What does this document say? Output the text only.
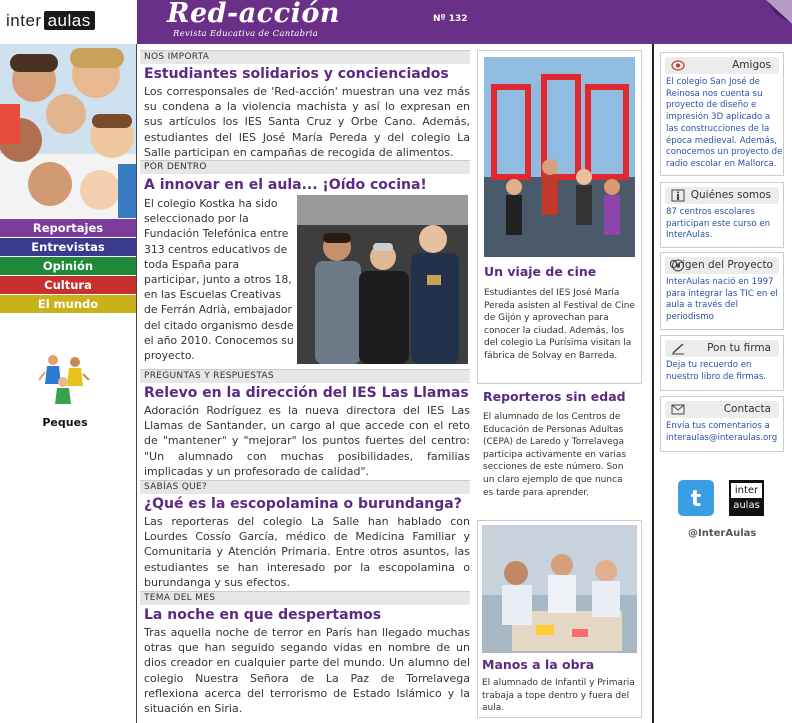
inter aulas	Red-acción
Revista Educativa de Cantabria
Nº 132
Reportajes
Entrevistas
Opinión
Cultura
El mundo
Peques
NOS IMPORTA
Estudiantes solidarios y concienciados
Los corresponsales de 'Red-acción' muestran una vez más su condena a la violencia machista y así lo expresan en sus artículos los IES Santa Cruz y Orbe Cano. Además, estudiantes del IES José María Pereda y del colegio La Salle participan en campañas de recogida de alimentos.
POR DENTRO
A innovar en el aula... ¡Oído cocina!
El colegio Kostka ha sido seleccionado por la Fundación Telefónica entre 313 centros educativos de toda España para participar, junto a otros 18, en las Escuelas Creativas de Ferrán Adrià, embajador del citado organismo desde el año 2010. Conocemos su proyecto.
PREGUNTAS Y RESPUESTAS
Relevo en la dirección del IES Las Llamas
Adoración Rodríguez es la nueva directora del IES Las Llamas de Santander, un cargo al que accede con el reto de "mantener" y "mejorar" los puntos fuertes del centro: "Un alumnado con muchas posibilidades, familias implicadas y un profesorado de calidad".
SABÍAS QUE?
¿Qué es la escopolamina o burundanga?
Las reporteras del colegio La Salle han hablado con Lourdes Cossío García, médico de Medicina Familiar y Comunitaria y Atención Primaria. Entre otros asuntos, las estudiantes se han interesado por la escopolamina o burundanga y sus efectos.
TEMA DEL MES
La noche en que despertamos
Tras aquella noche de terror en París han llegado muchas otras que han seguido segando vidas en nombre de un dios creador en cualquier parte del mundo. Un alumno del colegio Nuestra Señora de La Paz de Torrelavega reflexiona acerca del terrorismo de Estado Islámico y la situación en Siria.
Un viaje de cine
Estudiantes del IES José María Pereda asisten al Festival de Cine de Gijón y aprovechan para conocer la ciudad. Además, los del colegio La Purísima visitan la fábrica de Solvay en Barreda.
Reporteros sin edad
El alumnado de los Centros de Educación de Personas Adultas (CEPA) de Laredo y Torrelavega participa activamente en varias secciones de este número. Son un claro ejemplo de que nunca es tarde para aprender.
Manos a la obra
El alumnado de Infantil y Primaria trabaja a tope dentro y fuera del aula.
Amigos
El colegio San José de Reinosa nos cuenta su proyecto de diseño e impresión 3D aplicado a las construcciones de la época medieval. Además, conocemos un proyecto de radio escolar en Mallorca.
Quiénes somos
87 centros escolares participan este curso en InterAulas.
Origen del Proyecto
InterAulas nació en 1997 para integrar las TIC en el aula a través del periodismo
Pon tu firma
Deja tu recuerdo en nuestro libro de firmas.
Contacta
Envía tus comentarios a interaulas@interaulas.org
t	inter
aulas
@InterAulas
